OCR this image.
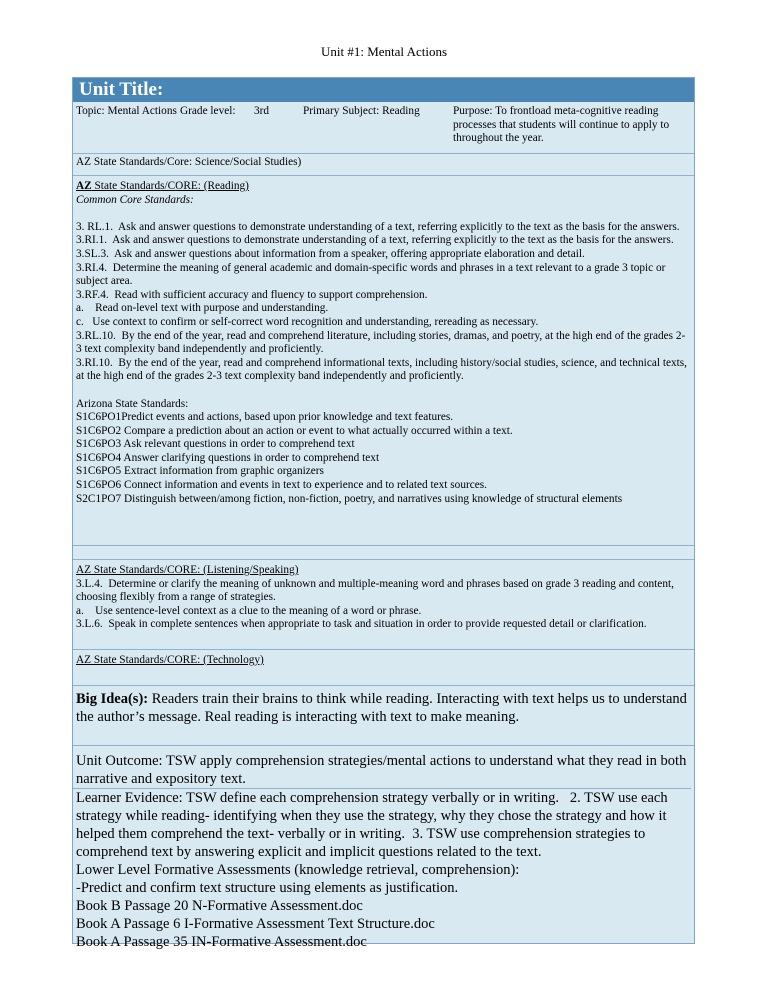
Unit #1: Mental Actions
Unit Title:
Topic: Mental Actions Grade level: 3rd	Primary Subject: Reading	Purpose: To frontload meta-cognitive reading processes that students will continue to apply to throughout the year.
AZ State Standards/Core: Science/Social Studies)
AZ State Standards/CORE: (Reading)
Common Core Standards:
3. RL.1.  Ask and answer questions to demonstrate understanding of a text, referring explicitly to the text as the basis for the answers.
3.RI.1.  Ask and answer questions to demonstrate understanding of a text, referring explicitly to the text as the basis for the answers.
3.SL.3.  Ask and answer questions about information from a speaker, offering appropriate elaboration and detail.
3.RI.4.  Determine the meaning of general academic and domain-specific words and phrases in a text relevant to a grade 3 topic or subject area.
3.RF.4.  Read with sufficient accuracy and fluency to support comprehension.
a.    Read on-level text with purpose and understanding.
c.   Use context to confirm or self-correct word recognition and understanding, rereading as necessary.
3.RL.10.  By the end of the year, read and comprehend literature, including stories, dramas, and poetry, at the high end of the grades 2-3 text complexity band independently and proficiently.
3.RI.10.  By the end of the year, read and comprehend informational texts, including history/social studies, science, and technical texts, at the high end of the grades 2-3 text complexity band independently and proficiently.
Arizona State Standards:
S1C6PO1Predict events and actions, based upon prior knowledge and text features.
S1C6PO2 Compare a prediction about an action or event to what actually occurred within a text.
S1C6PO3 Ask relevant questions in order to comprehend text
S1C6PO4 Answer clarifying questions in order to comprehend text
S1C6PO5 Extract information from graphic organizers
S1C6PO6 Connect information and events in text to experience and to related text sources.
S2C1PO7 Distinguish between/among fiction, non-fiction, poetry, and narratives using knowledge of structural elements
AZ State Standards/CORE: (Listening/Speaking)
3.L.4.  Determine or clarify the meaning of unknown and multiple-meaning word and phrases based on grade 3 reading and content, choosing flexibly from a range of strategies.
a.    Use sentence-level context as a clue to the meaning of a word or phrase.
3.L.6.  Speak in complete sentences when appropriate to task and situation in order to provide requested detail or clarification.
AZ State Standards/CORE: (Technology)
Big Idea(s): Readers train their brains to think while reading. Interacting with text helps us to understand the author’s message. Real reading is interacting with text to make meaning.
Unit Outcome: TSW apply comprehension strategies/mental actions to understand what they read in both narrative and expository text.
Learner Evidence: TSW define each comprehension strategy verbally or in writing.   2. TSW use each strategy while reading- identifying when they use the strategy, why they chose the strategy and how it helped them comprehend the text- verbally or in writing.  3. TSW use comprehension strategies to comprehend text by answering explicit and implicit questions related to the text.
Lower Level Formative Assessments (knowledge retrieval, comprehension):
-Predict and confirm text structure using elements as justification.
Book B Passage 20 N-Formative Assessment.doc
Book A Passage 6 I-Formative Assessment Text Structure.doc
Book A Passage 35 IN-Formative Assessment.doc
